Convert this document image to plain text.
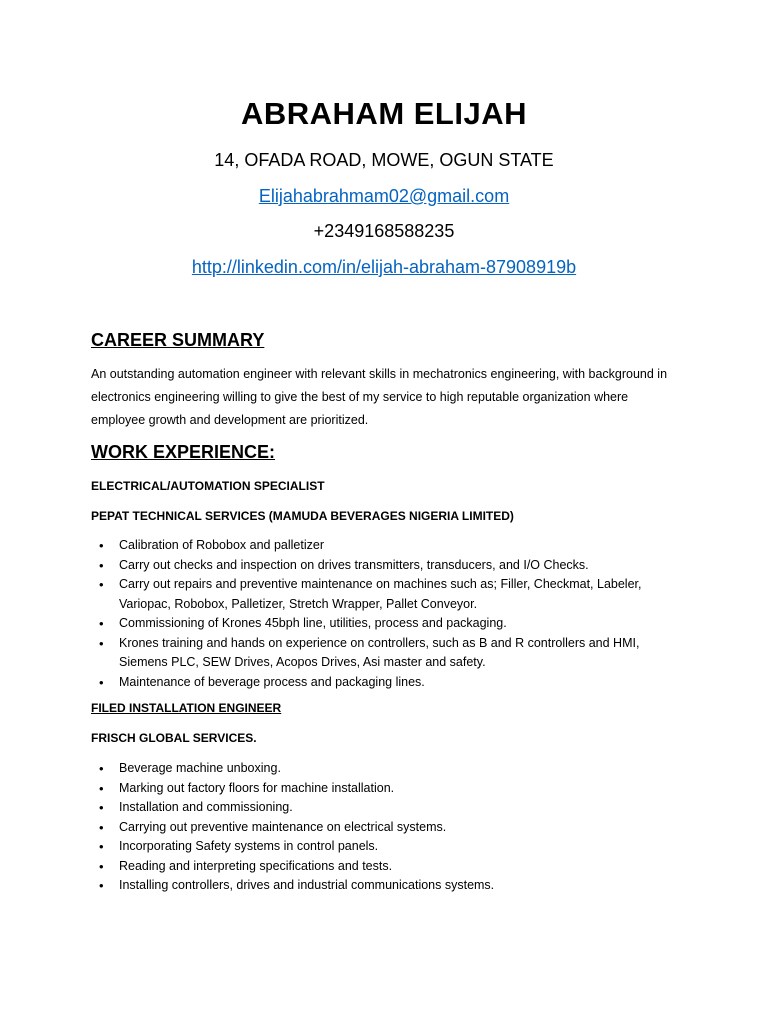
ABRAHAM ELIJAH
14, OFADA ROAD, MOWE, OGUN STATE
Elijahabrahmam02@gmail.com
+2349168588235
http://linkedin.com/in/elijah-abraham-87908919b
CAREER SUMMARY
An outstanding automation engineer with relevant skills in mechatronics engineering, with background in electronics engineering willing to give the best of my service to high reputable organization where employee growth and development are prioritized.
WORK EXPERIENCE:
ELECTRICAL/AUTOMATION SPECIALIST
PEPAT TECHNICAL SERVICES (MAMUDA BEVERAGES NIGERIA LIMITED)
• Calibration of Robobox and palletizer
• Carry out checks and inspection on drives transmitters, transducers, and I/O Checks.
• Carry out repairs and preventive maintenance on machines such as; Filler, Checkmat, Labeler, Variopac, Robobox, Palletizer, Stretch Wrapper, Pallet Conveyor.
• Commissioning of Krones 45bph line, utilities, process and packaging.
• Krones training and hands on experience on controllers, such as B and R controllers and HMI, Siemens PLC, SEW Drives, Acopos Drives, Asi master and safety.
• Maintenance of beverage process and packaging lines.
FILED INSTALLATION ENGINEER
FRISCH GLOBAL SERVICES.
• Beverage machine unboxing.
• Marking out factory floors for machine installation.
• Installation and commissioning.
• Carrying out preventive maintenance on electrical systems.
• Incorporating Safety systems in control panels.
• Reading and interpreting specifications and tests.
• Installing controllers, drives and industrial communications systems.
